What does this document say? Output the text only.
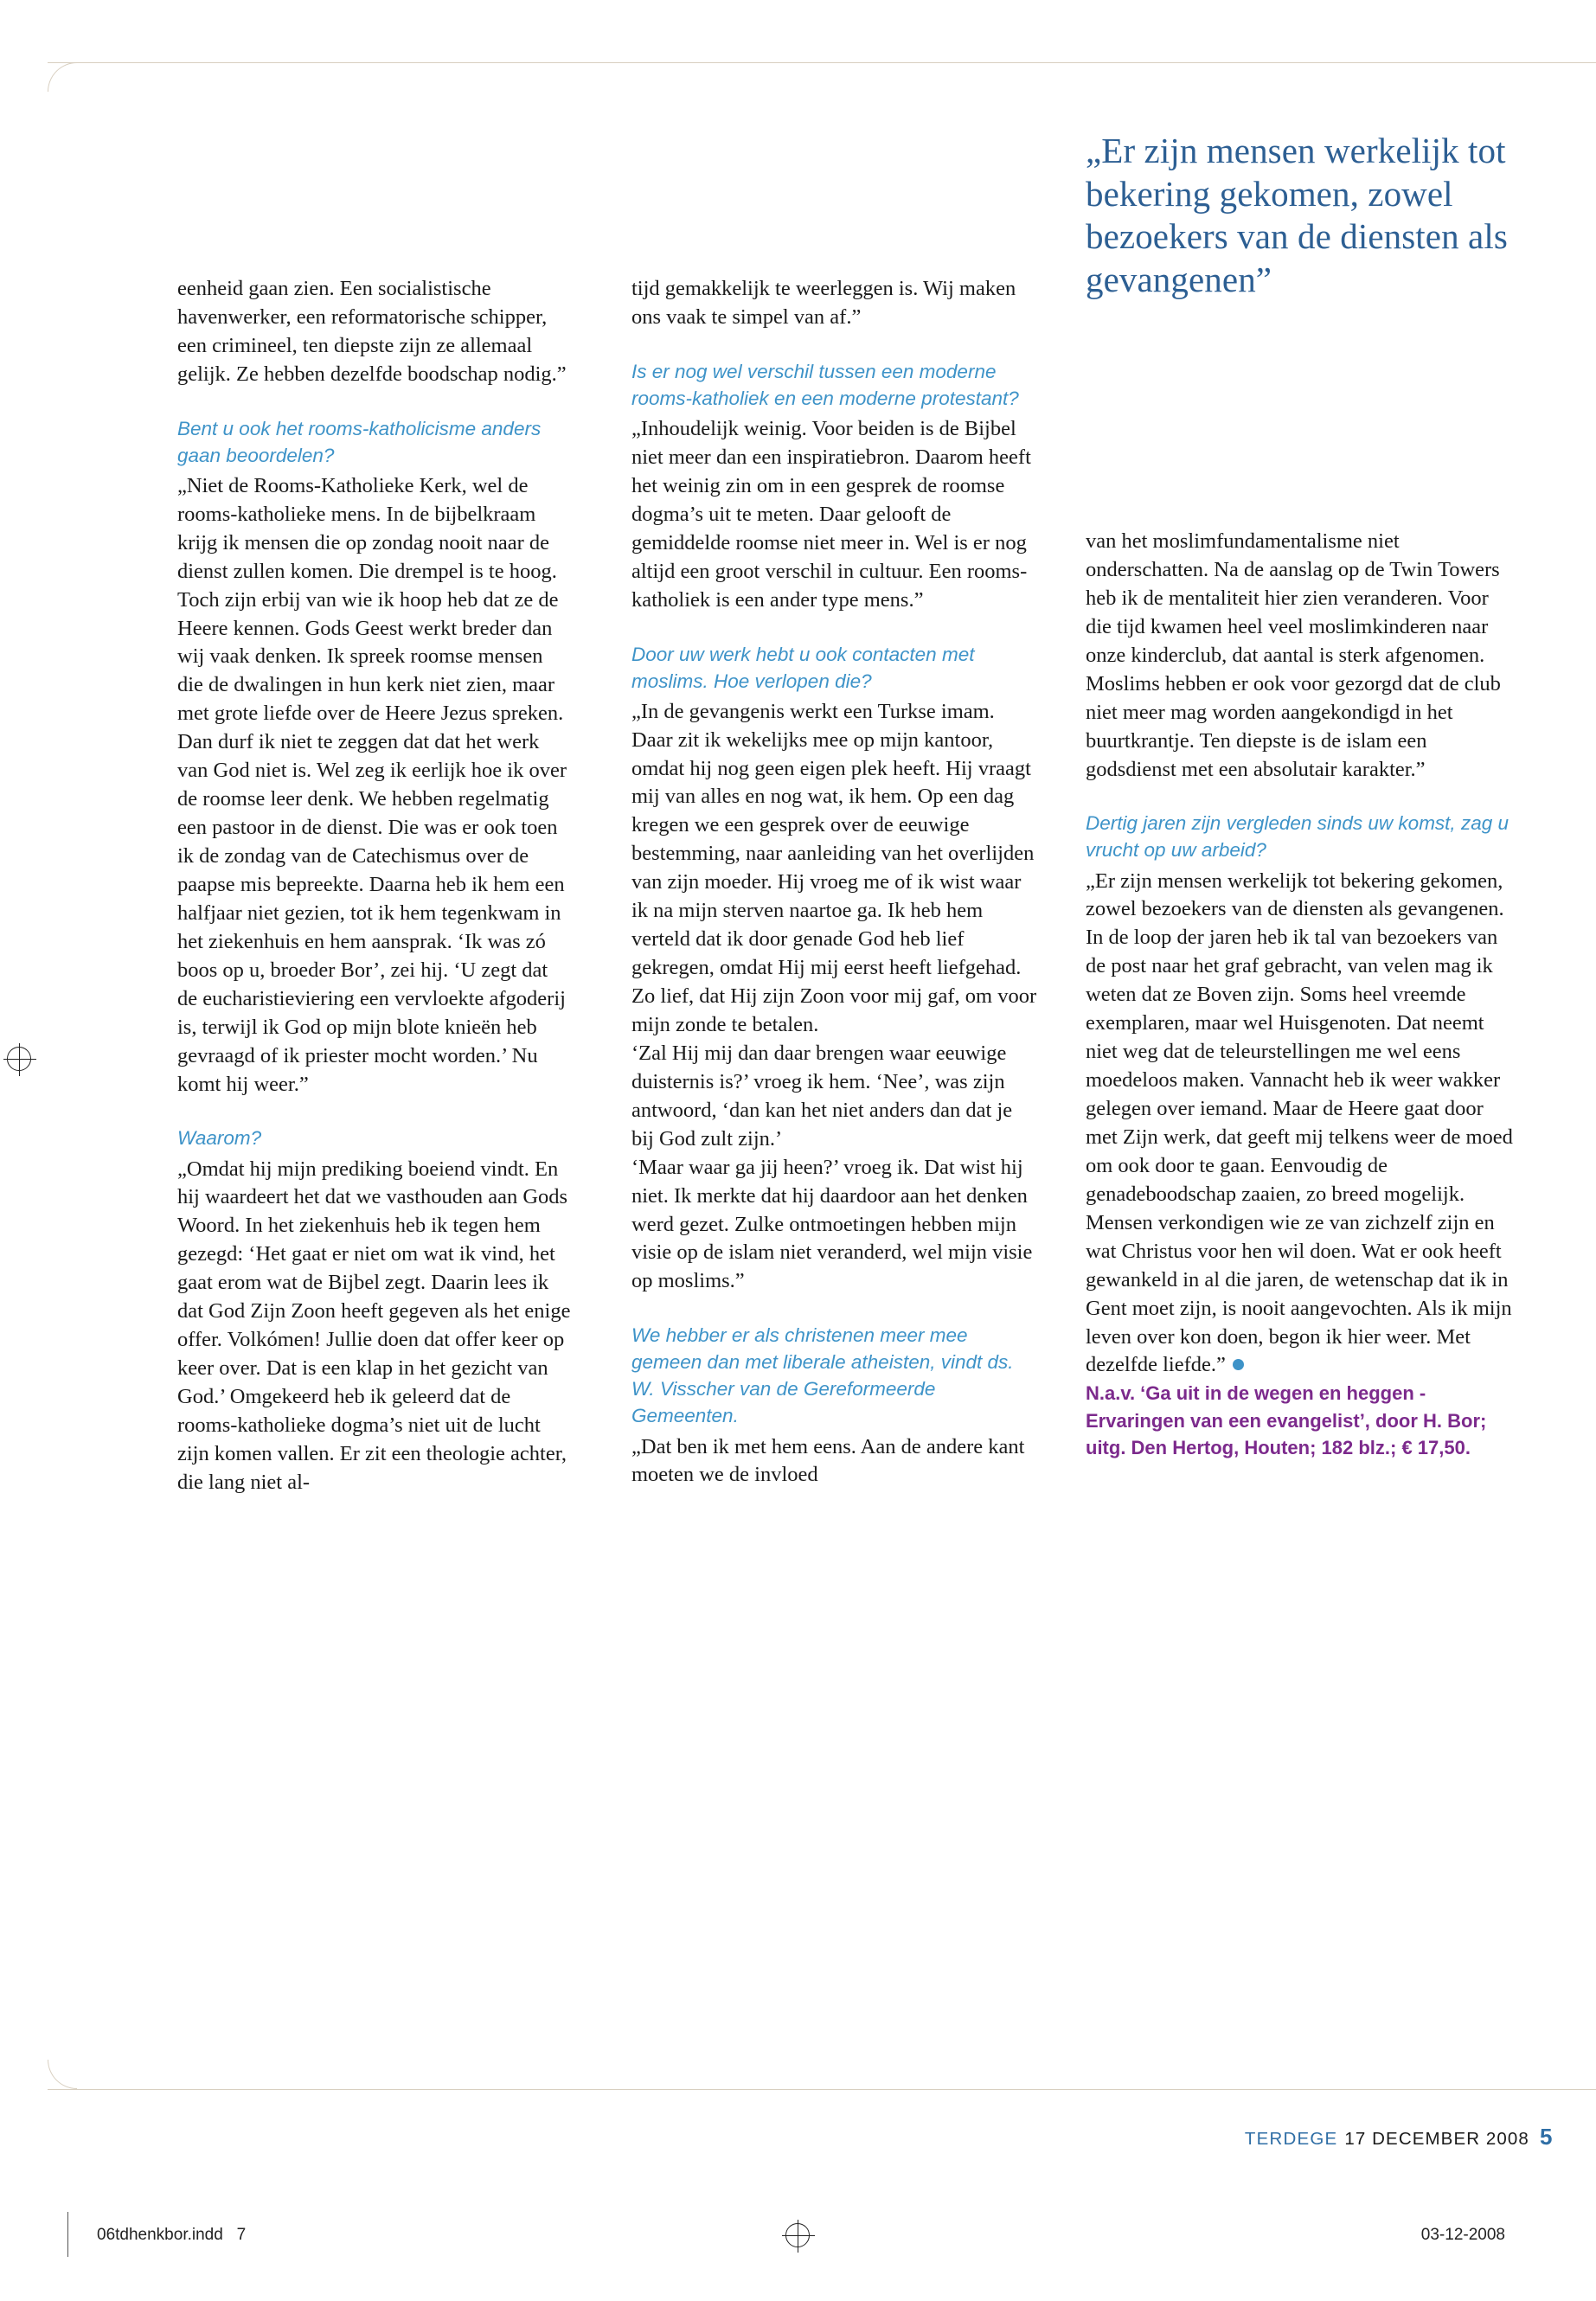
„Er zijn mensen werkelijk tot bekering gekomen, zowel bezoekers van de diensten als gevangenen”

eenheid gaan zien. Een socialistische havenwerker, een reformatorische schipper, een crimineel, ten diepste zijn ze allemaal gelijk. Ze hebben dezelfde boodschap nodig.”

Bent u ook het rooms-katholicisme anders gaan beoordelen?

„Niet de Rooms-Katholieke Kerk, wel de rooms-katholieke mens. In de bijbelkraam krijg ik mensen die op zondag nooit naar de dienst zullen komen. Die drempel is te hoog. Toch zijn erbij van wie ik hoop heb dat ze de Heere kennen. Gods Geest werkt breder dan wij vaak denken. Ik spreek roomse mensen die de dwalingen in hun kerk niet zien, maar met grote liefde over de Heere Jezus spreken. Dan durf ik niet te zeggen dat dat het werk van God niet is. Wel zeg ik eerlijk hoe ik over de roomse leer denk. We hebben regelmatig een pastoor in de dienst. Die was er ook toen ik de zondag van de Catechismus over de paapse mis bepreekte. Daarna heb ik hem een halfjaar niet gezien, tot ik hem tegenkwam in het ziekenhuis en hem aansprak. ‘Ik was zó boos op u, broeder Bor’, zei hij. ‘U zegt dat de eucharistieviering een vervloekte afgoderij is, terwijl ik God op mijn blote knieën heb gevraagd of ik priester mocht worden.’ Nu komt hij weer.”

Waarom?

„Omdat hij mijn prediking boeiend vindt. En hij waardeert het dat we vasthouden aan Gods Woord. In het ziekenhuis heb ik tegen hem gezegd: ‘Het gaat er niet om wat ik vind, het gaat erom wat de Bijbel zegt. Daarin lees ik dat God Zijn Zoon heeft gegeven als het enige offer. Volkómen! Jullie doen dat offer keer op keer over. Dat is een klap in het gezicht van God.’ Omgekeerd heb ik geleerd dat de rooms-katholieke dogma’s niet uit de lucht zijn komen vallen. Er zit een theologie achter, die lang niet al-

tijd gemakkelijk te weerleggen is. Wij maken ons vaak te simpel van af.”

Is er nog wel verschil tussen een moderne rooms-katholiek en een moderne protestant?

„Inhoudelijk weinig. Voor beiden is de Bijbel niet meer dan een inspiratiebron. Daarom heeft het weinig zin om in een gesprek de roomse dogma’s uit te meten. Daar gelooft de gemiddelde roomse niet meer in. Wel is er nog altijd een groot verschil in cultuur. Een rooms-katholiek is een ander type mens.”

Door uw werk hebt u ook contacten met moslims. Hoe verlopen die?

„In de gevangenis werkt een Turkse imam. Daar zit ik wekelijks mee op mijn kantoor, omdat hij nog geen eigen plek heeft. Hij vraagt mij van alles en nog wat, ik hem. Op een dag kregen we een gesprek over de eeuwige bestemming, naar aanleiding van het overlijden van zijn moeder. Hij vroeg me of ik wist waar ik na mijn sterven naartoe ga. Ik heb hem verteld dat ik door genade God heb lief gekregen, omdat Hij mij eerst heeft liefgehad. Zo lief, dat Hij zijn Zoon voor mij gaf, om voor mijn zonde te betalen.

‘Zal Hij mij dan daar brengen waar eeuwige duisternis is?’ vroeg ik hem. ‘Nee’, was zijn antwoord, ‘dan kan het niet anders dan dat je bij God zult zijn.’

‘Maar waar ga jij heen?’ vroeg ik. Dat wist hij niet. Ik merkte dat hij daardoor aan het denken werd gezet. Zulke ontmoetingen hebben mijn visie op de islam niet veranderd, wel mijn visie op moslims.”

We hebber er als christenen meer mee gemeen dan met liberale atheisten, vindt ds. W. Visscher van de Gereformeerde Gemeenten.

„Dat ben ik met hem eens. Aan de andere kant moeten we de invloed

van het moslimfundamentalisme niet onderschatten. Na de aanslag op de Twin Towers heb ik de mentaliteit hier zien veranderen. Voor die tijd kwamen heel veel moslimkinderen naar onze kinderclub, dat aantal is sterk afgenomen. Moslims hebben er ook voor gezorgd dat de club niet meer mag worden aangekondigd in het buurtkrantje. Ten diepste is de islam een godsdienst met een absolutair karakter.”

Dertig jaren zijn vergleden sinds uw komst, zag u vrucht op uw arbeid?

„Er zijn mensen werkelijk tot bekering gekomen, zowel bezoekers van de diensten als gevangenen. In de loop der jaren heb ik tal van bezoekers van de post naar het graf gebracht, van velen mag ik weten dat ze Boven zijn. Soms heel vreemde exemplaren, maar wel Huisgenoten. Dat neemt niet weg dat de teleurstellingen me wel eens moedeloos maken. Vannacht heb ik weer wakker gelegen over iemand. Maar de Heere gaat door met Zijn werk, dat geeft mij telkens weer de moed om ook door te gaan. Eenvoudig de genadeboodschap zaaien, zo breed mogelijk. Mensen verkondigen wie ze van zichzelf zijn en wat Christus voor hen wil doen. Wat er ook heeft gewankeld in al die jaren, de wetenschap dat ik in Gent moet zijn, is nooit aangevochten. Als ik mijn leven over kon doen, begon ik hier weer. Met dezelfde liefde.”

N.a.v. ‘Ga uit in de wegen en heggen - Ervaringen van een evangelist’, door H. Bor; uitg. Den Hertog, Houten; 182 blz.; € 17,50.

TERDEGE 17 DECEMBER 2008 5
06tdhenkbor.indd   7	03-12-2008
